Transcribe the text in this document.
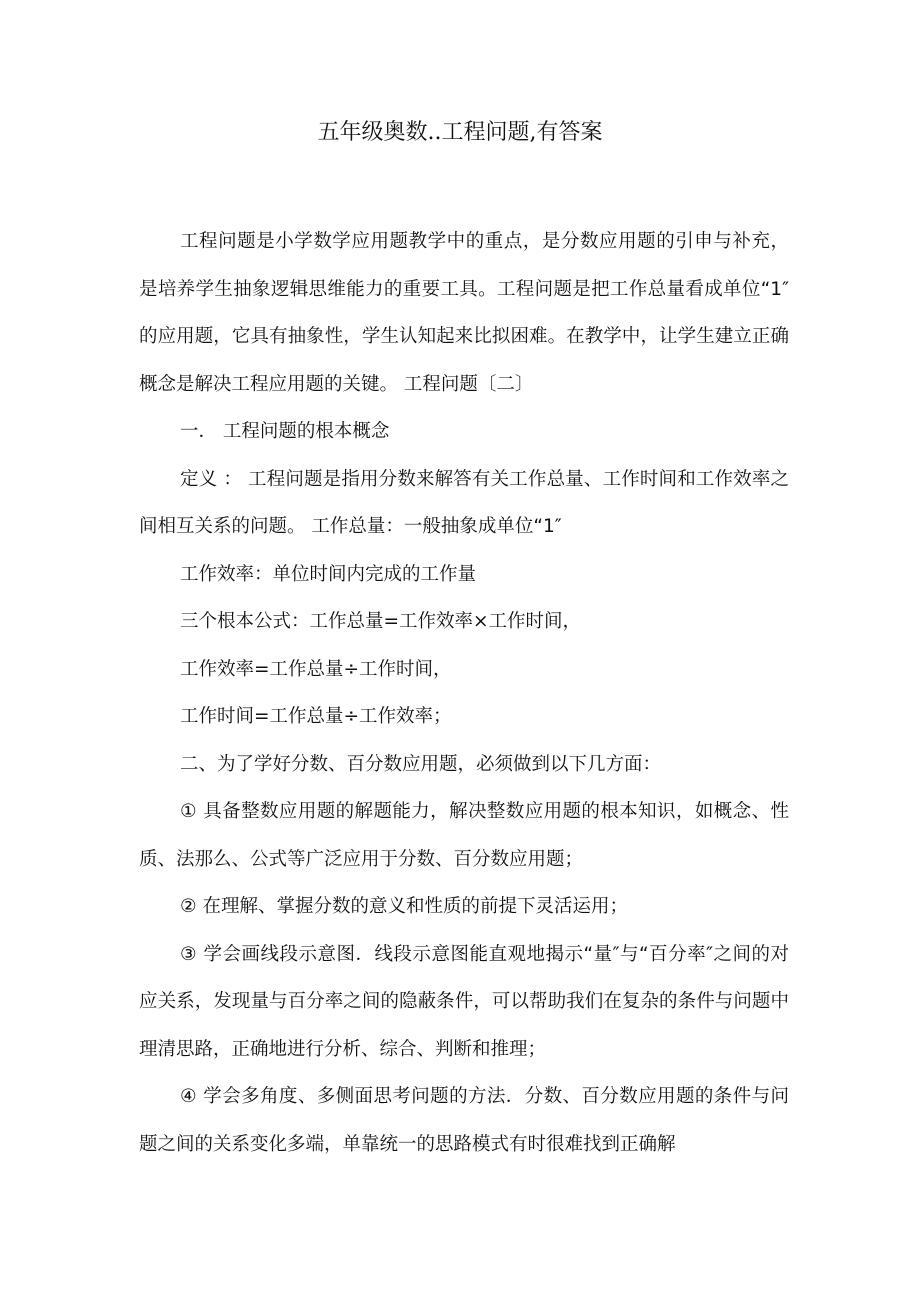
五年级奥数..工程问题,有答案

工程问题是小学数学应用题教学中的重点，是分数应用题的引申与补充，是培养学生抽象逻辑思维能力的重要工具。工程问题是把工作总量看成单位“1″的应用题，它具有抽象性，学生认知起来比拟困难。在教学中，让学生建立正确概念是解决工程应用题的关键。 工程问题〔二〕

一． 工程问题的根本概念

定义 ： 工程问题是指用分数来解答有关工作总量、工作时间和工作效率之间相互关系的问题。 工作总量：一般抽象成单位“1″

工作效率：单位时间内完成的工作量

三个根本公式：工作总量=工作效率×工作时间，

工作效率=工作总量÷工作时间，

工作时间=工作总量÷工作效率；

二、为了学好分数、百分数应用题，必须做到以下几方面：

① 具备整数应用题的解题能力，解决整数应用题的根本知识，如概念、性质、法那么、公式等广泛应用于分数、百分数应用题；

② 在理解、掌握分数的意义和性质的前提下灵活运用；

③ 学会画线段示意图．线段示意图能直观地揭示“量″与“百分率″之间的对应关系，发现量与百分率之间的隐蔽条件，可以帮助我们在复杂的条件与问题中理清思路，正确地进行分析、综合、判断和推理；

④ 学会多角度、多侧面思考问题的方法．分数、百分数应用题的条件与问题之间的关系变化多端，单靠统一的思路模式有时很难找到正确解
